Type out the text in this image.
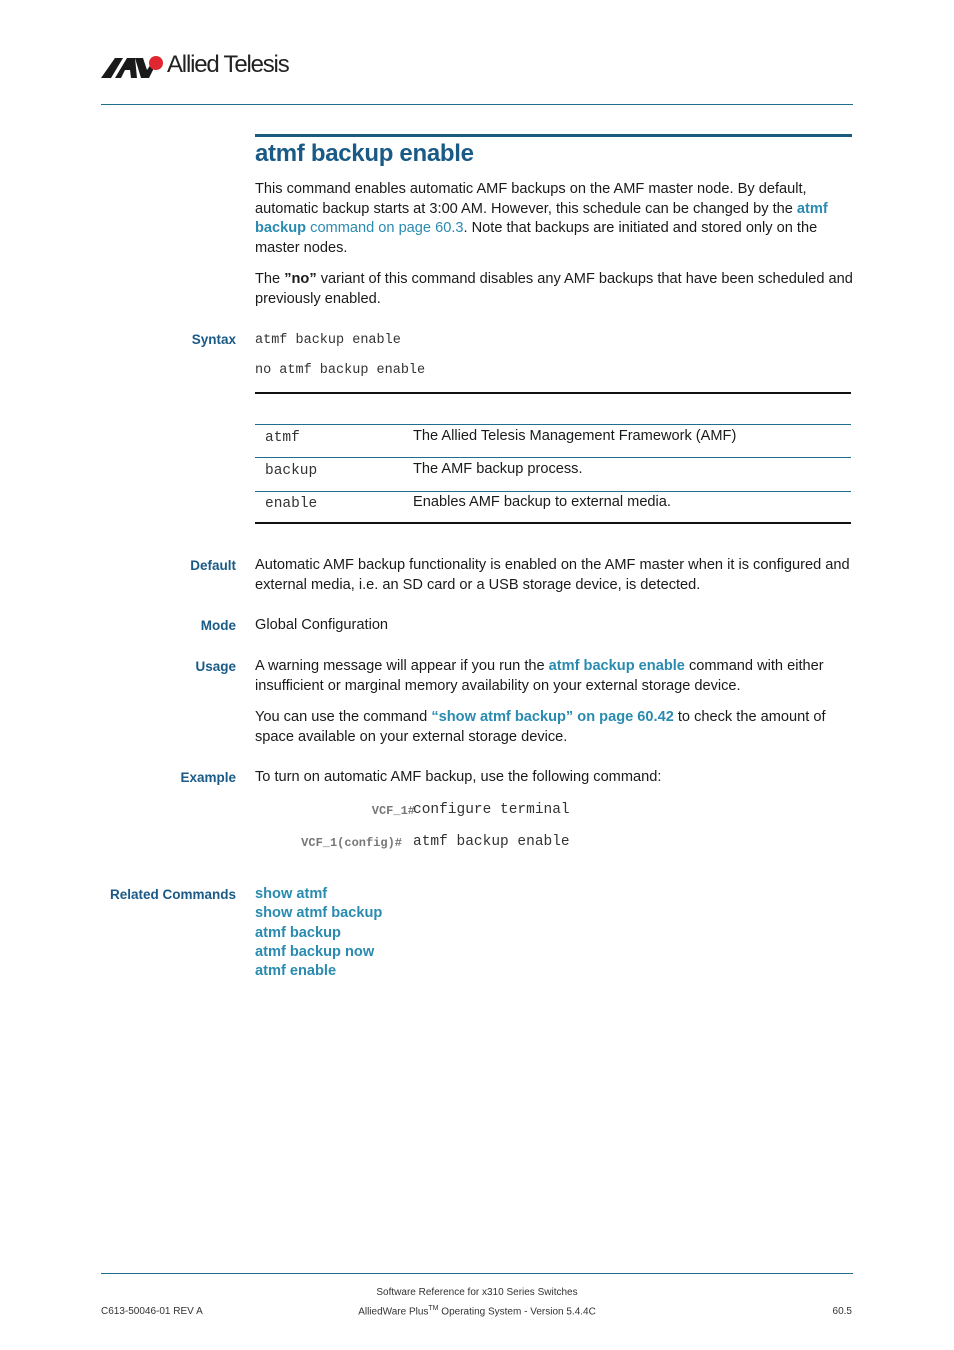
Allied Telesis
atmf backup enable
This command enables automatic AMF backups on the AMF master node. By default, automatic backup starts at 3:00 AM. However, this schedule can be changed by the atmf backup command on page 60.3. Note that backups are initiated and stored only on the master nodes.
The ”no” variant of this command disables any AMF backups that have been scheduled and previously enabled.
Syntax atmf backup enable
no atmf backup enable
atmf	The Allied Telesis Management Framework (AMF)
backup	The AMF backup process.
enable	Enables AMF backup to external media.
Default Automatic AMF backup functionality is enabled on the AMF master when it is configured and external media, i.e. an SD card or a USB storage device, is detected.
Mode Global Configuration
Usage A warning message will appear if you run the atmf backup enable command with either insufficient or marginal memory availability on your external storage device.
You can use the command “show atmf backup” on page 60.42 to check the amount of space available on your external storage device.
Example To turn on automatic AMF backup, use the following command:
VCF_1#
configure terminal
VCF_1(config)# atmf backup enable
Related Commands show atmf
show atmf backup
atmf backup
atmf backup now
atmf enable
Software Reference for x310 Series Switches
AlliedWare Plus™ Operating System - Version 5.4.4C
C613-50046-01 REV A	60.5
